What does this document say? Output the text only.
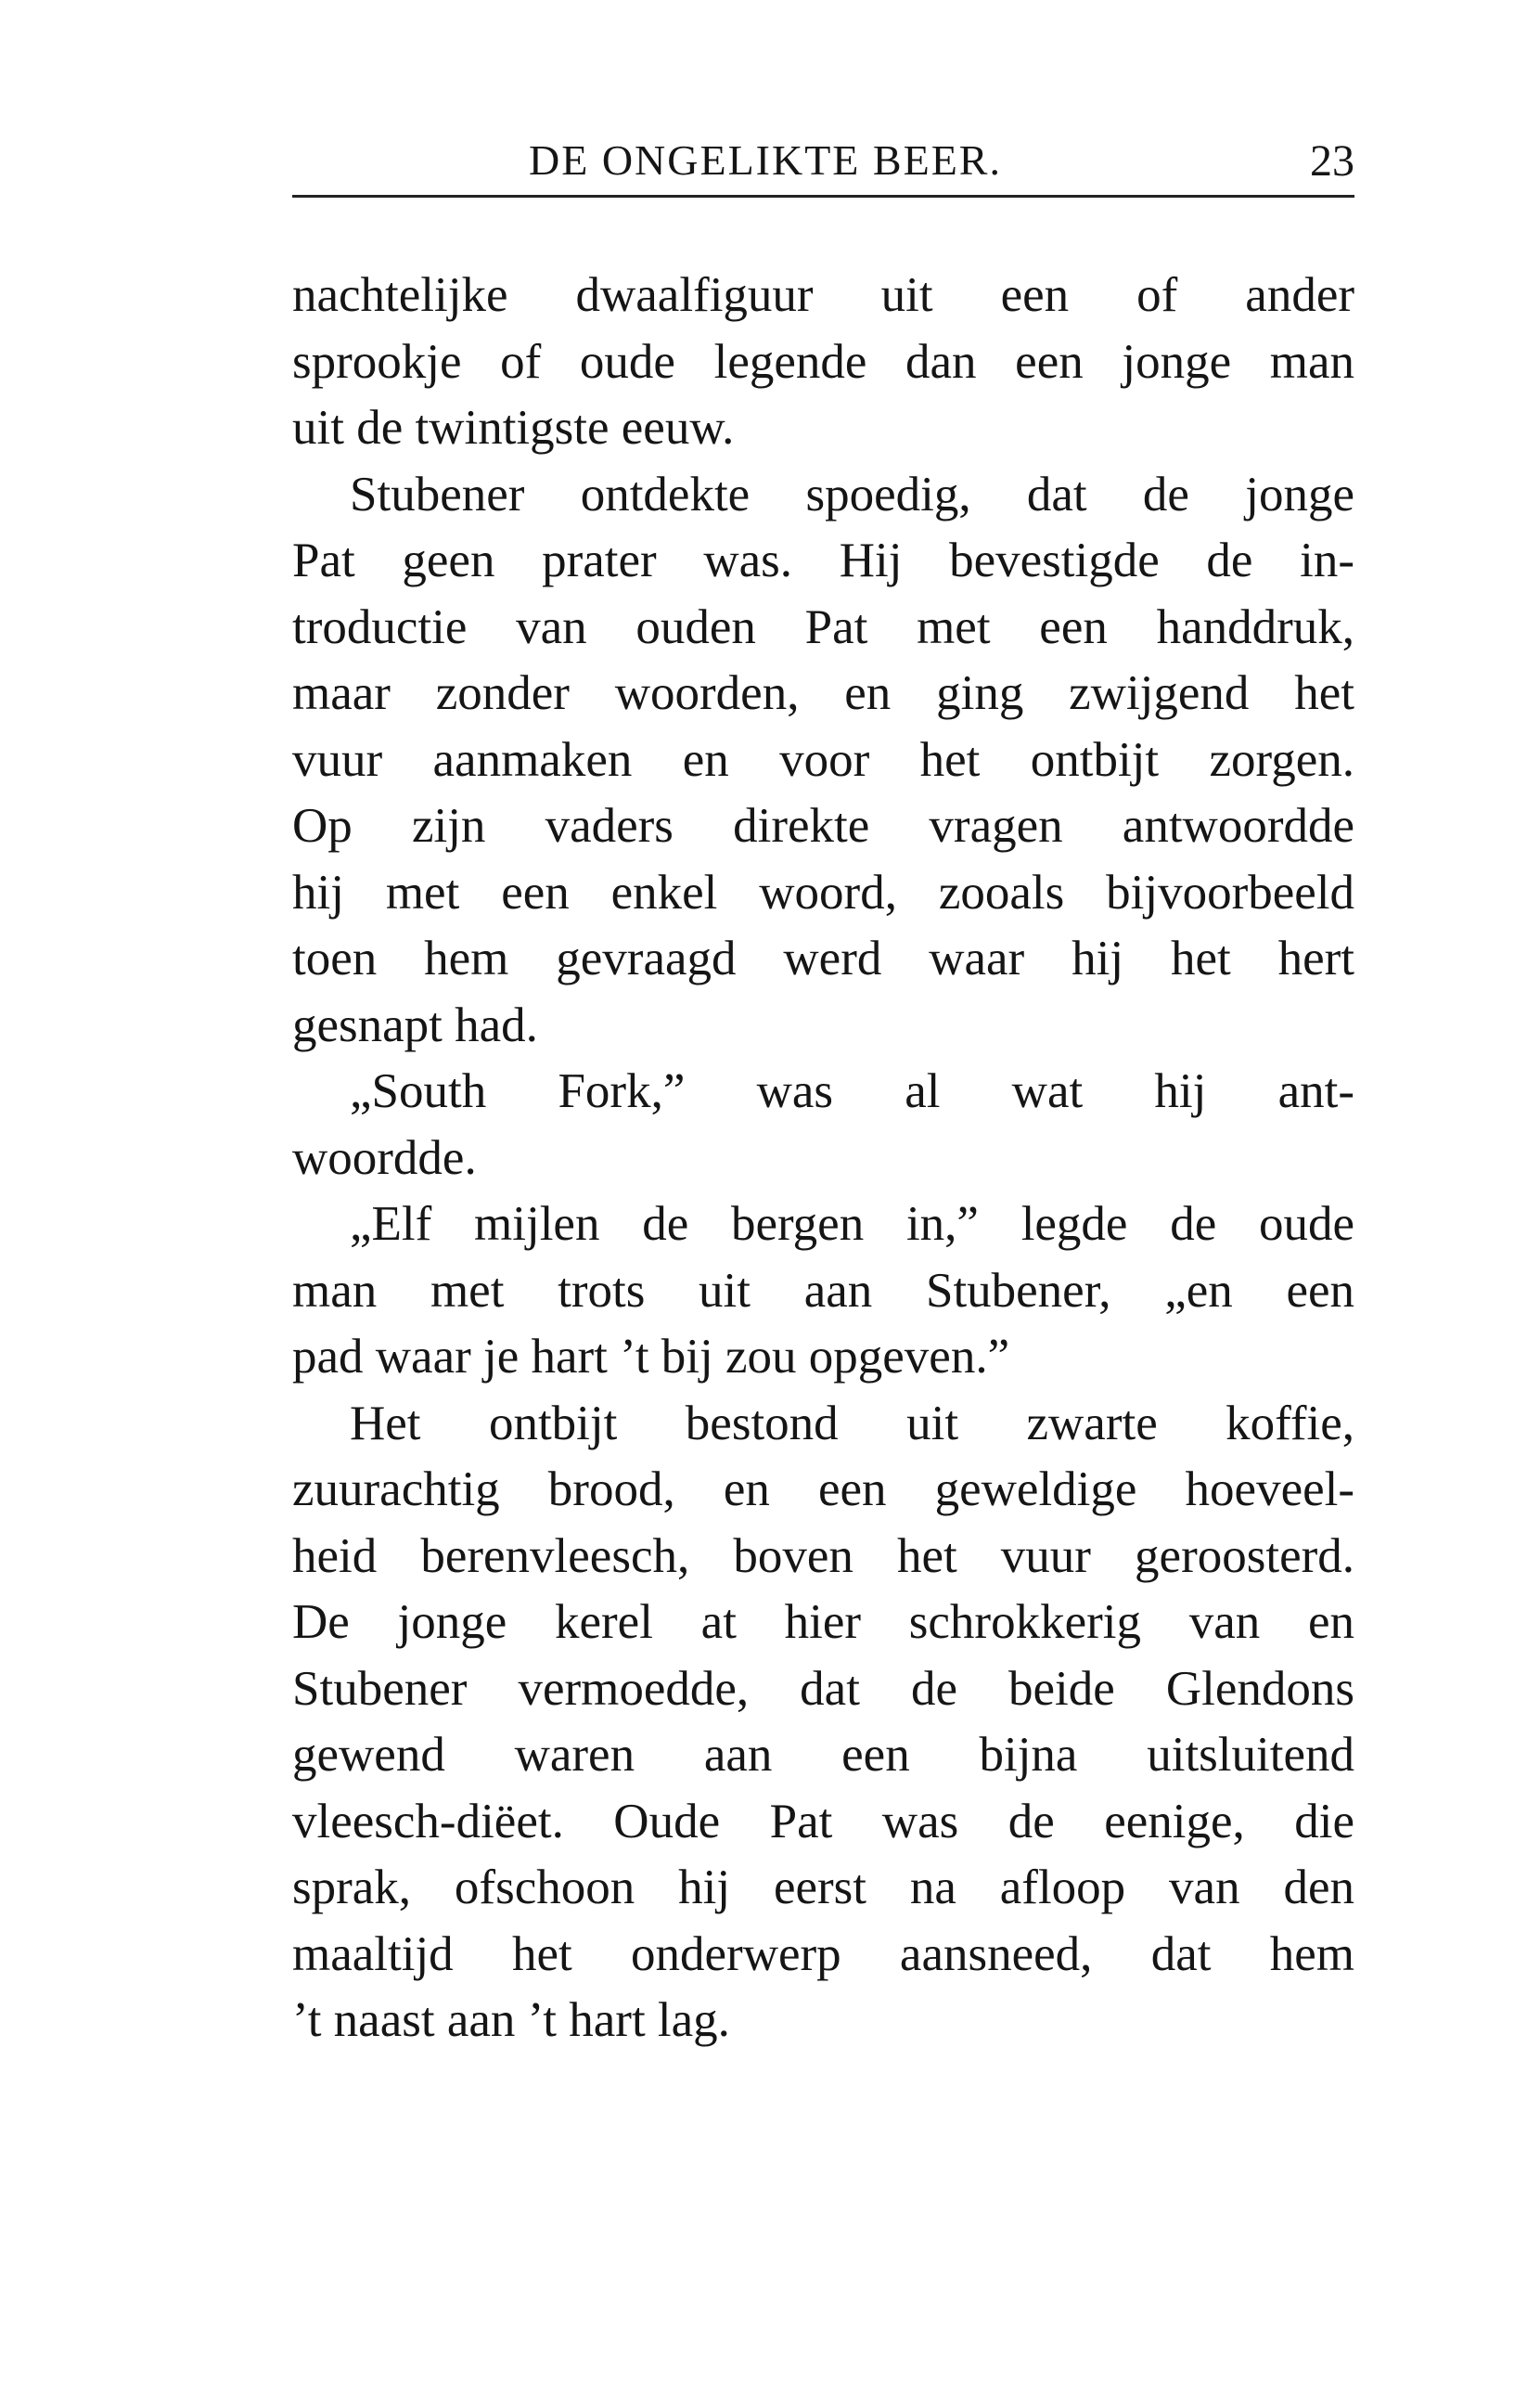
DE ONGELIKTE BEER.	23
nachtelijke dwaalfiguur uit een of ander
sprookje of oude legende dan een jonge man
uit de twintigste eeuw.
Stubener ontdekte spoedig, dat de jonge
Pat geen prater was. Hij bevestigde de in-
troductie van ouden Pat met een handdruk,
maar zonder woorden, en ging zwijgend het
vuur aanmaken en voor het ontbijt zorgen.
Op zijn vaders direkte vragen antwoordde
hij met een enkel woord, zooals bijvoorbeeld
toen hem gevraagd werd waar hij het hert
gesnapt had.
„South Fork,” was al wat hij ant-
woordde.
„Elf mijlen de bergen in,” legde de oude
man met trots uit aan Stubener, „en een
pad waar je hart ’t bij zou opgeven.”
Het ontbijt bestond uit zwarte koffie,
zuurachtig brood, en een geweldige hoeveel-
heid berenvleesch, boven het vuur geroosterd.
De jonge kerel at hier schrokkerig van en
Stubener vermoedde, dat de beide Glendons
gewend waren aan een bijna uitsluitend
vleesch-diëet. Oude Pat was de eenige, die
sprak, ofschoon hij eerst na afloop van den
maaltijd het onderwerp aansneed, dat hem
’t naast aan ’t hart lag.
